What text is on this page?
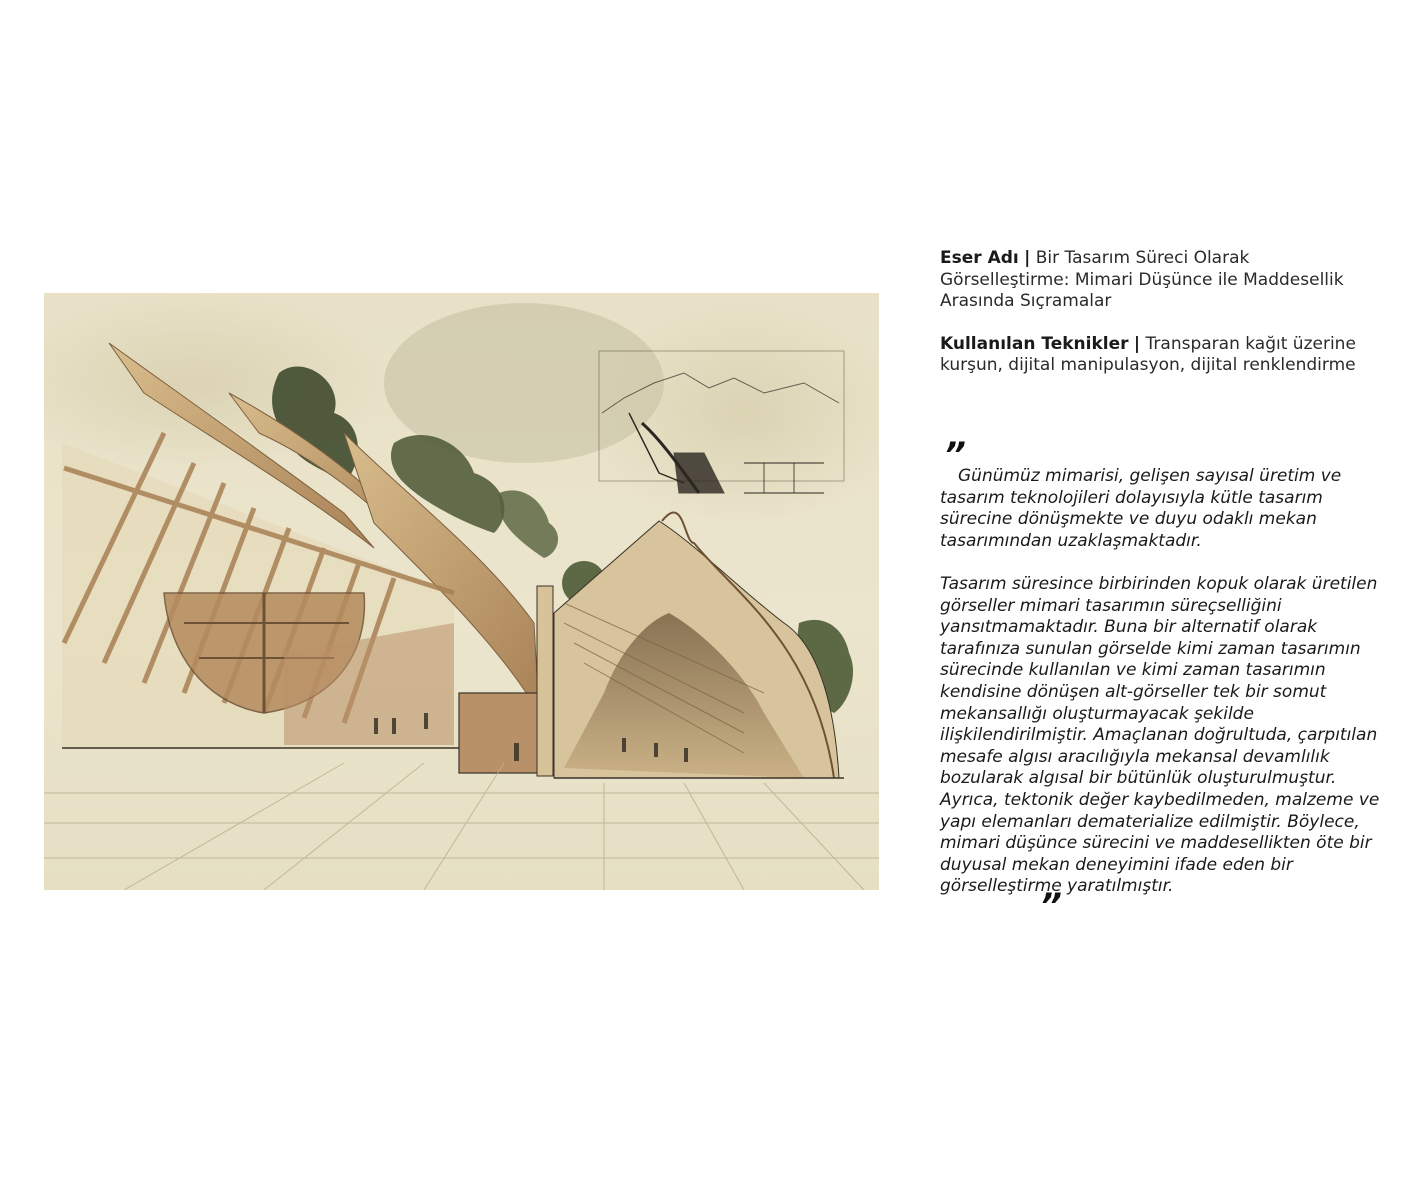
Eser Adı | Bir Tasarım Süreci Olarak Görselleştirme: Mimari Düşünce ile Maddesellik Arasında Sıçramalar

Kullanılan Teknikler | Transparan kağıt üzerine kurşun, dijital manipulasyon, dijital renklendirme

”

Günümüz mimarisi, gelişen sayısal üretim ve tasarım teknolojileri dolayısıyla kütle tasarım sürecine dönüşmekte ve duyu odaklı mekan tasarımından uzaklaşmaktadır.

Tasarım süresince birbirinden kopuk olarak üretilen görseller mimari tasarımın süreçselliğini yansıtmamaktadır. Buna bir alternatif olarak tarafınıza sunulan görselde kimi zaman tasarımın sürecinde kullanılan ve kimi zaman tasarımın kendisine dönüşen alt-görseller tek bir somut mekansallığı oluşturmayacak şekilde ilişkilendirilmiştir. Amaçlanan doğrultuda, çarpıtılan mesafe algısı aracılığıyla mekansal devamlılık bozularak algısal bir bütünlük oluşturulmuştur. Ayrıca, tektonik değer kaybedilmeden, malzeme ve yapı elemanları dematerialize edilmiştir. Böylece, mimari düşünce sürecini ve maddesellikten öte bir duyusal mekan deneyimini ifade eden bir görselleştirme yaratılmıştır.

”
